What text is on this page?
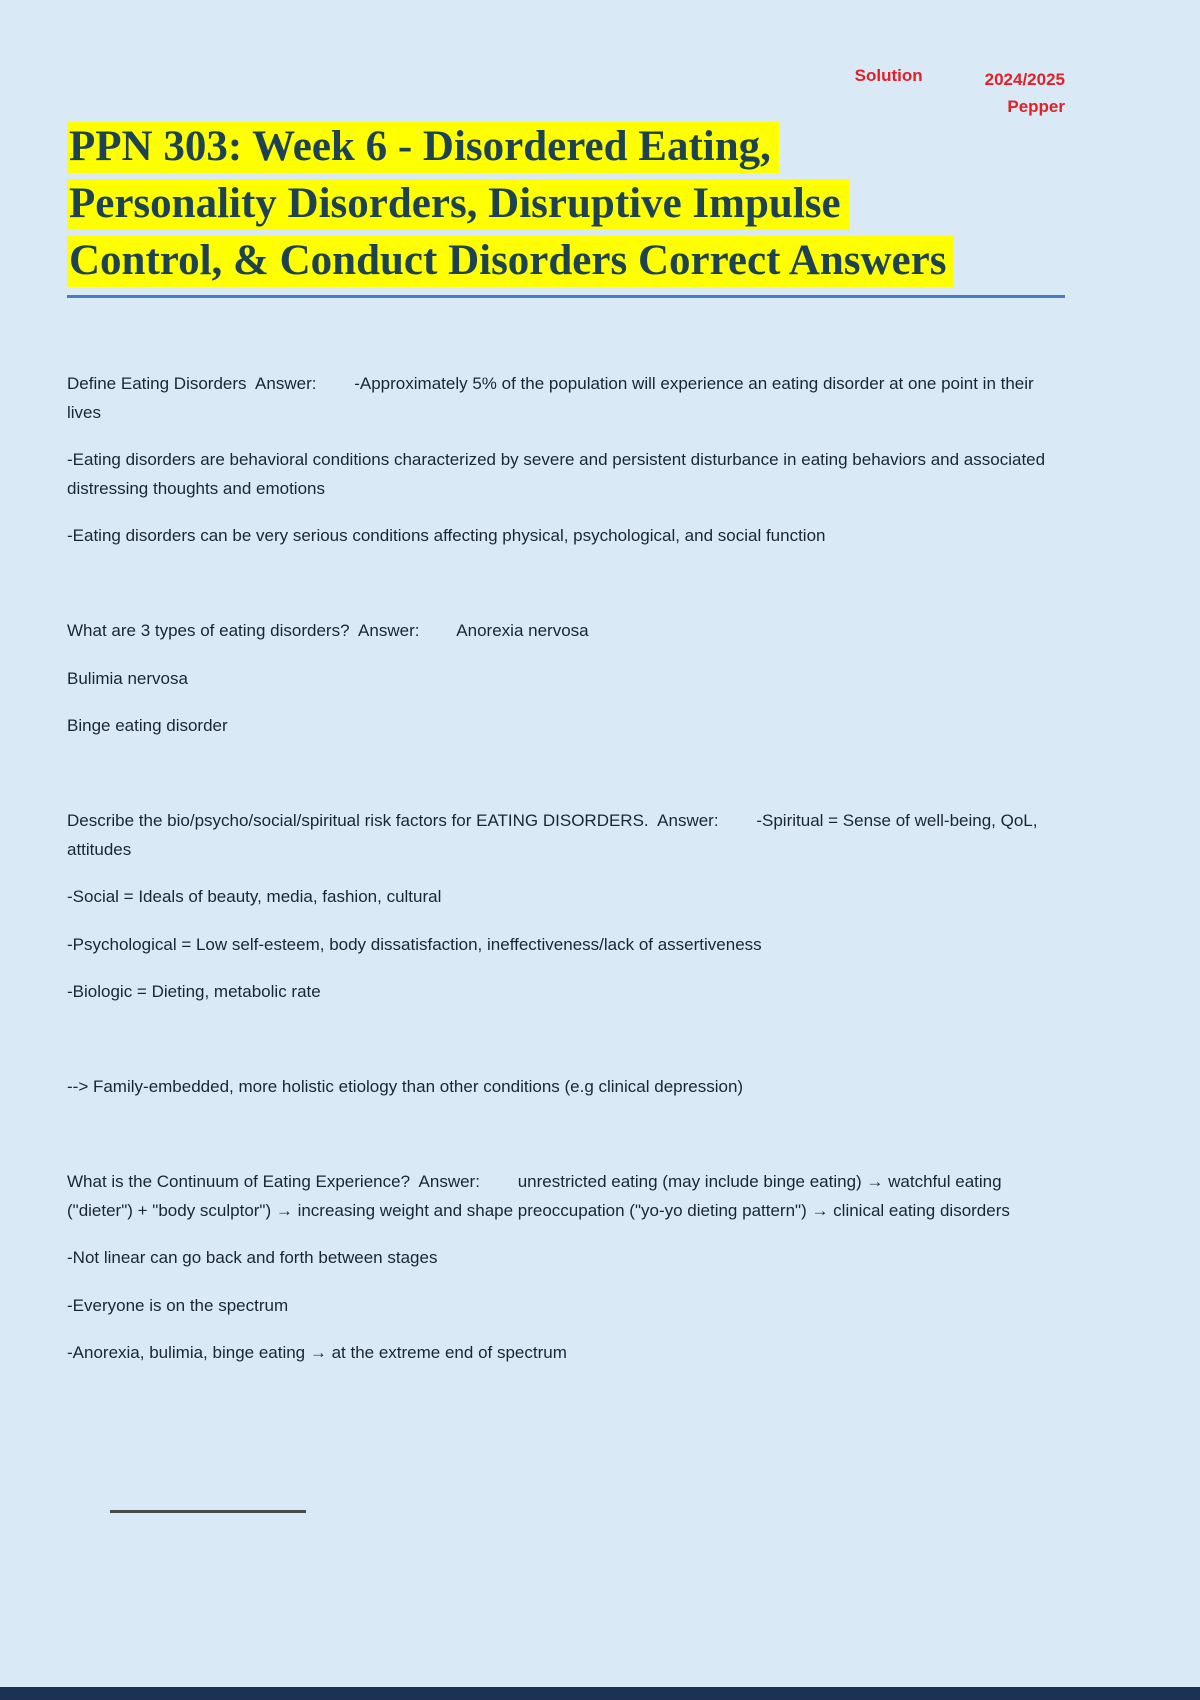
Solution	2024/2025
Pepper
PPN 303: Week 6 - Disordered Eating,
Personality Disorders, Disruptive Impulse
Control, & Conduct Disorders Correct Answers

Define Eating Disorders  Answer:        -Approximately 5% of the population will experience an eating disorder at one point in their lives

-Eating disorders are behavioral conditions characterized by severe and persistent disturbance in eating behaviors and associated distressing thoughts and emotions

-Eating disorders can be very serious conditions affecting physical, psychological, and social function

What are 3 types of eating disorders?  Answer:        Anorexia nervosa

Bulimia nervosa

Binge eating disorder

Describe the bio/psycho/social/spiritual risk factors for EATING DISORDERS.  Answer:        -Spiritual = Sense of well-being, QoL, attitudes

-Social = Ideals of beauty, media, fashion, cultural

-Psychological = Low self-esteem, body dissatisfaction, ineffectiveness/lack of assertiveness

-Biologic = Dieting, metabolic rate

--> Family-embedded, more holistic etiology than other conditions (e.g clinical depression)

What is the Continuum of Eating Experience?  Answer:        unrestricted eating (may include binge eating) → watchful eating ("dieter") + "body sculptor") → increasing weight and shape preoccupation ("yo-yo dieting pattern") → clinical eating disorders

-Not linear can go back and forth between stages

-Everyone is on the spectrum

-Anorexia, bulimia, binge eating → at the extreme end of spectrum
